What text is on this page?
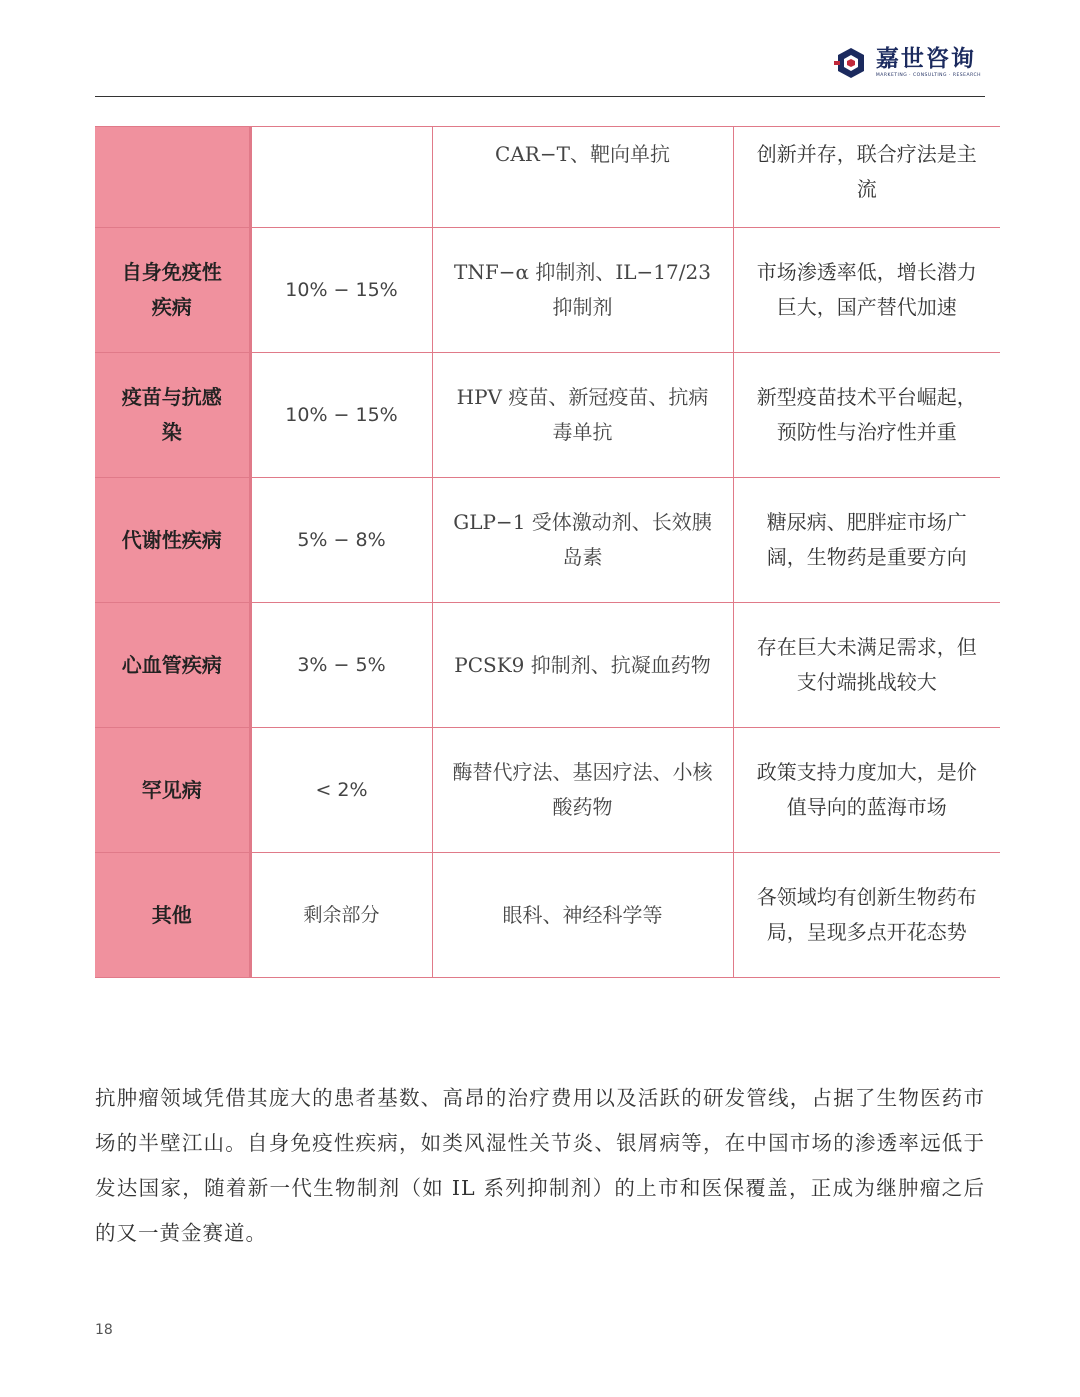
嘉世咨询
MARKETING · CONSULTING · RESEARCH
		CAR−T、靶向单抗	创新并存，联合疗法是主流
自身免疫性疾病	10% − 15%	TNF−α 抑制剂、IL−17/23 抑制剂	市场渗透率低，增长潜力巨大，国产替代加速
疫苗与抗感染	10% − 15%	HPV 疫苗、新冠疫苗、抗病毒单抗	新型疫苗技术平台崛起，预防性与治疗性并重
代谢性疾病	5% − 8%	GLP−1 受体激动剂、长效胰岛素	糖尿病、肥胖症市场广阔，生物药是重要方向
心血管疾病	3% − 5%	PCSK9 抑制剂、抗凝血药物	存在巨大未满足需求，但支付端挑战较大
罕见病	< 2%	酶替代疗法、基因疗法、小核酸药物	政策支持力度加大，是价值导向的蓝海市场
其他	剩余部分	眼科、神经科学等	各领域均有创新生物药布局，呈现多点开花态势

抗肿瘤领域凭借其庞大的患者基数、高昂的治疗费用以及活跃的研发管线，占据了生物医药市场的半壁江山。自身免疫性疾病，如类风湿性关节炎、银屑病等，在中国市场的渗透率远低于发达国家，随着新一代生物制剂（如 IL 系列抑制剂）的上市和医保覆盖，正成为继肿瘤之后的又一黄金赛道。

18
